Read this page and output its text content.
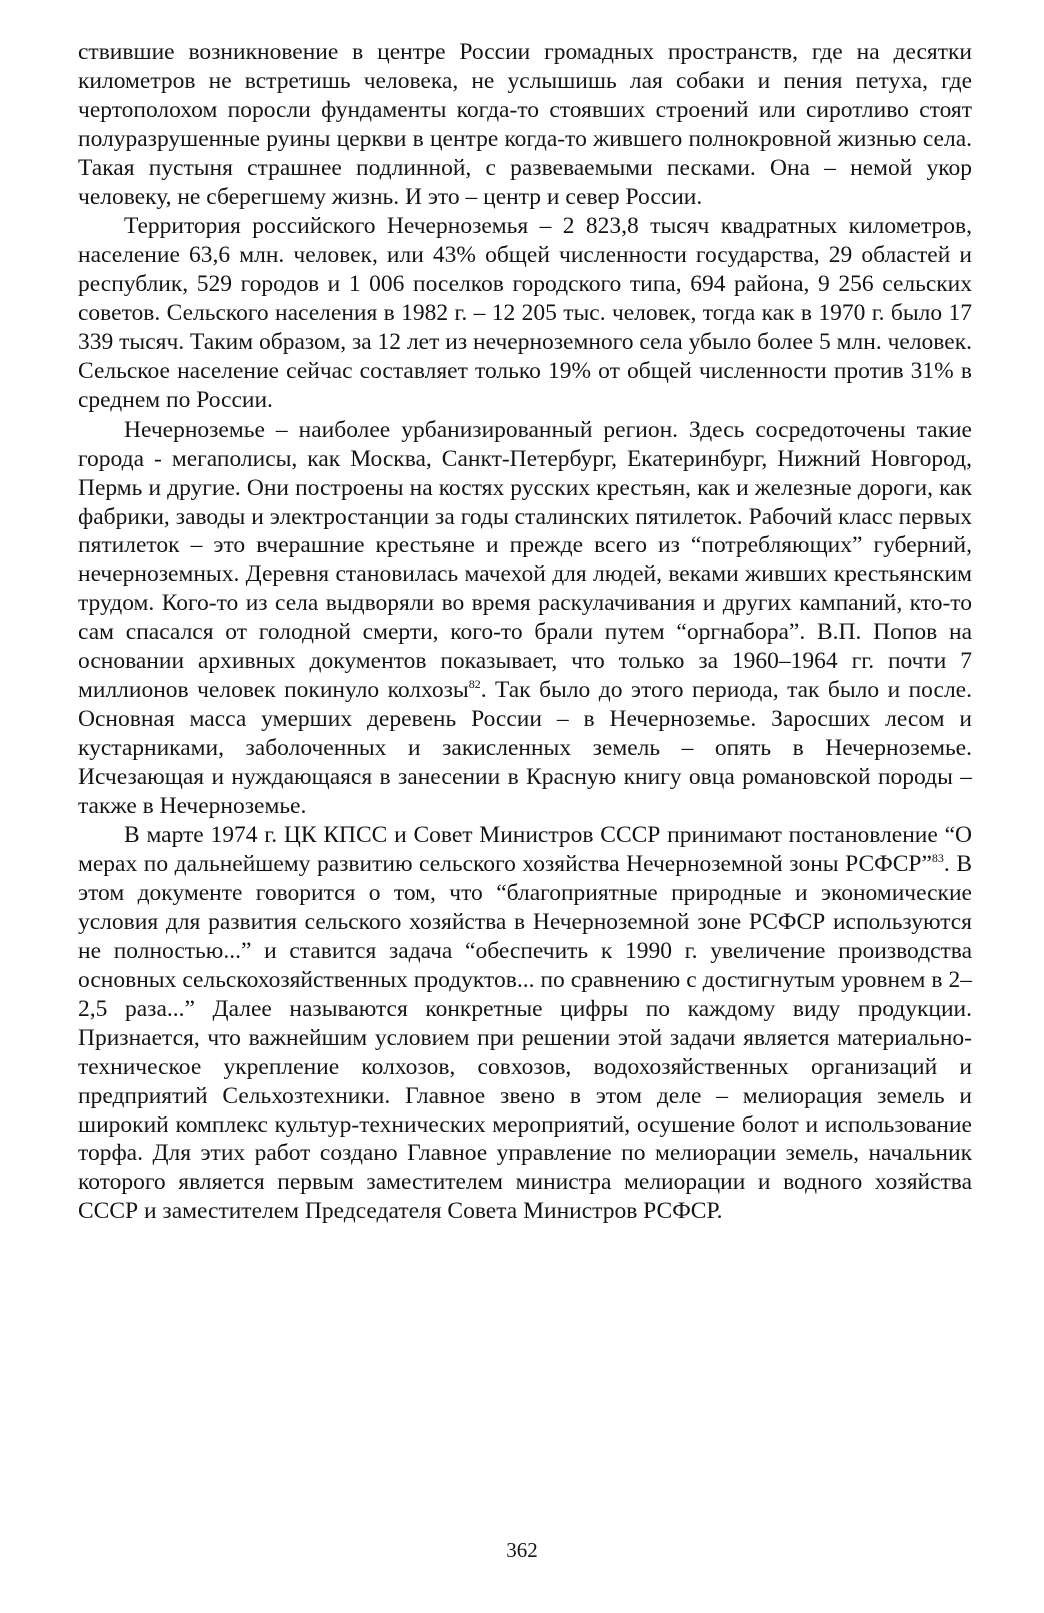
ствившие возникновение в центре России громадных пространств, где на десятки километров не встретишь человека, не услышишь лая собаки и пения петуха, где чертополохом поросли фундаменты когда-то стоявших строений или сиротливо стоят полуразрушенные руины церкви в центре когда-то жившего полнокровной жизнью села. Такая пустыня страшнее подлинной, с развеваемыми песками. Она – немой укор человеку, не сберегшему жизнь. И это – центр и север России.

Территория российского Нечерноземья – 2 823,8 тысяч квадратных километров, население 63,6 млн. человек, или 43% общей численности государства, 29 областей и республик, 529 городов и 1 006 поселков городского типа, 694 района, 9 256 сельских советов. Сельского населения в 1982 г. – 12 205 тыс. человек, тогда как в 1970 г. было 17 339 тысяч. Таким образом, за 12 лет из нечерноземного села убыло более 5 млн. человек. Сельское население сейчас составляет только 19% от общей численности против 31% в среднем по России.

Нечерноземье – наиболее урбанизированный регион. Здесь сосредоточены такие города - мегаполисы, как Москва, Санкт-Петербург, Екатеринбург, Нижний Новгород, Пермь и другие. Они построены на костях русских крестьян, как и железные дороги, как фабрики, заводы и электростанции за годы сталинских пятилеток. Рабочий класс первых пятилеток – это вчерашние крестьяне и прежде всего из “потребляющих” губерний, нечерноземных. Деревня становилась мачехой для людей, веками живших крестьянским трудом. Кого-то из села выдворяли во время раскулачивания и других кампаний, кто-то сам спасался от голодной смерти, кого-то брали путем “оргнабора”. В.П. Попов на основании архивных документов показывает, что только за 1960–1964 гг. почти 7 миллионов человек покинуло колхозы$^{82}$. Так было до этого периода, так было и после. Основная масса умерших деревень России – в Нечерноземье. Заросших лесом и кустарниками, заболоченных и закисленных земель – опять в Нечерноземье. Исчезающая и нуждающаяся в занесении в Красную книгу овца романовской породы – также в Нечерноземье.

В марте 1974 г. ЦК КПСС и Совет Министров СССР принимают постановление “О мерах по дальнейшему развитию сельского хозяйства Нечерноземной зоны РСФСР”$^{83}$. В этом документе говорится о том, что “благоприятные природные и экономические условия для развития сельского хозяйства в Нечерноземной зоне РСФСР используются не полностью...” и ставится задача “обеспечить к 1990 г. увеличение производства основных сельскохозяйственных продуктов... по сравнению с достигнутым уровнем в 2–2,5 раза...” Далее называются конкретные цифры по каждому виду продукции. Признается, что важнейшим условием при решении этой задачи является материально-техническое укрепление колхозов, совхозов, водохозяйственных организаций и предприятий Сельхозтехники. Главное звено в этом деле – мелиорация земель и широкий комплекс культур-технических мероприятий, осушение болот и использование торфа. Для этих работ создано Главное управление по мелиорации земель, начальник которого является первым заместителем министра мелиорации и водного хозяйства СССР и заместителем Председателя Совета Министров РСФСР.

362
